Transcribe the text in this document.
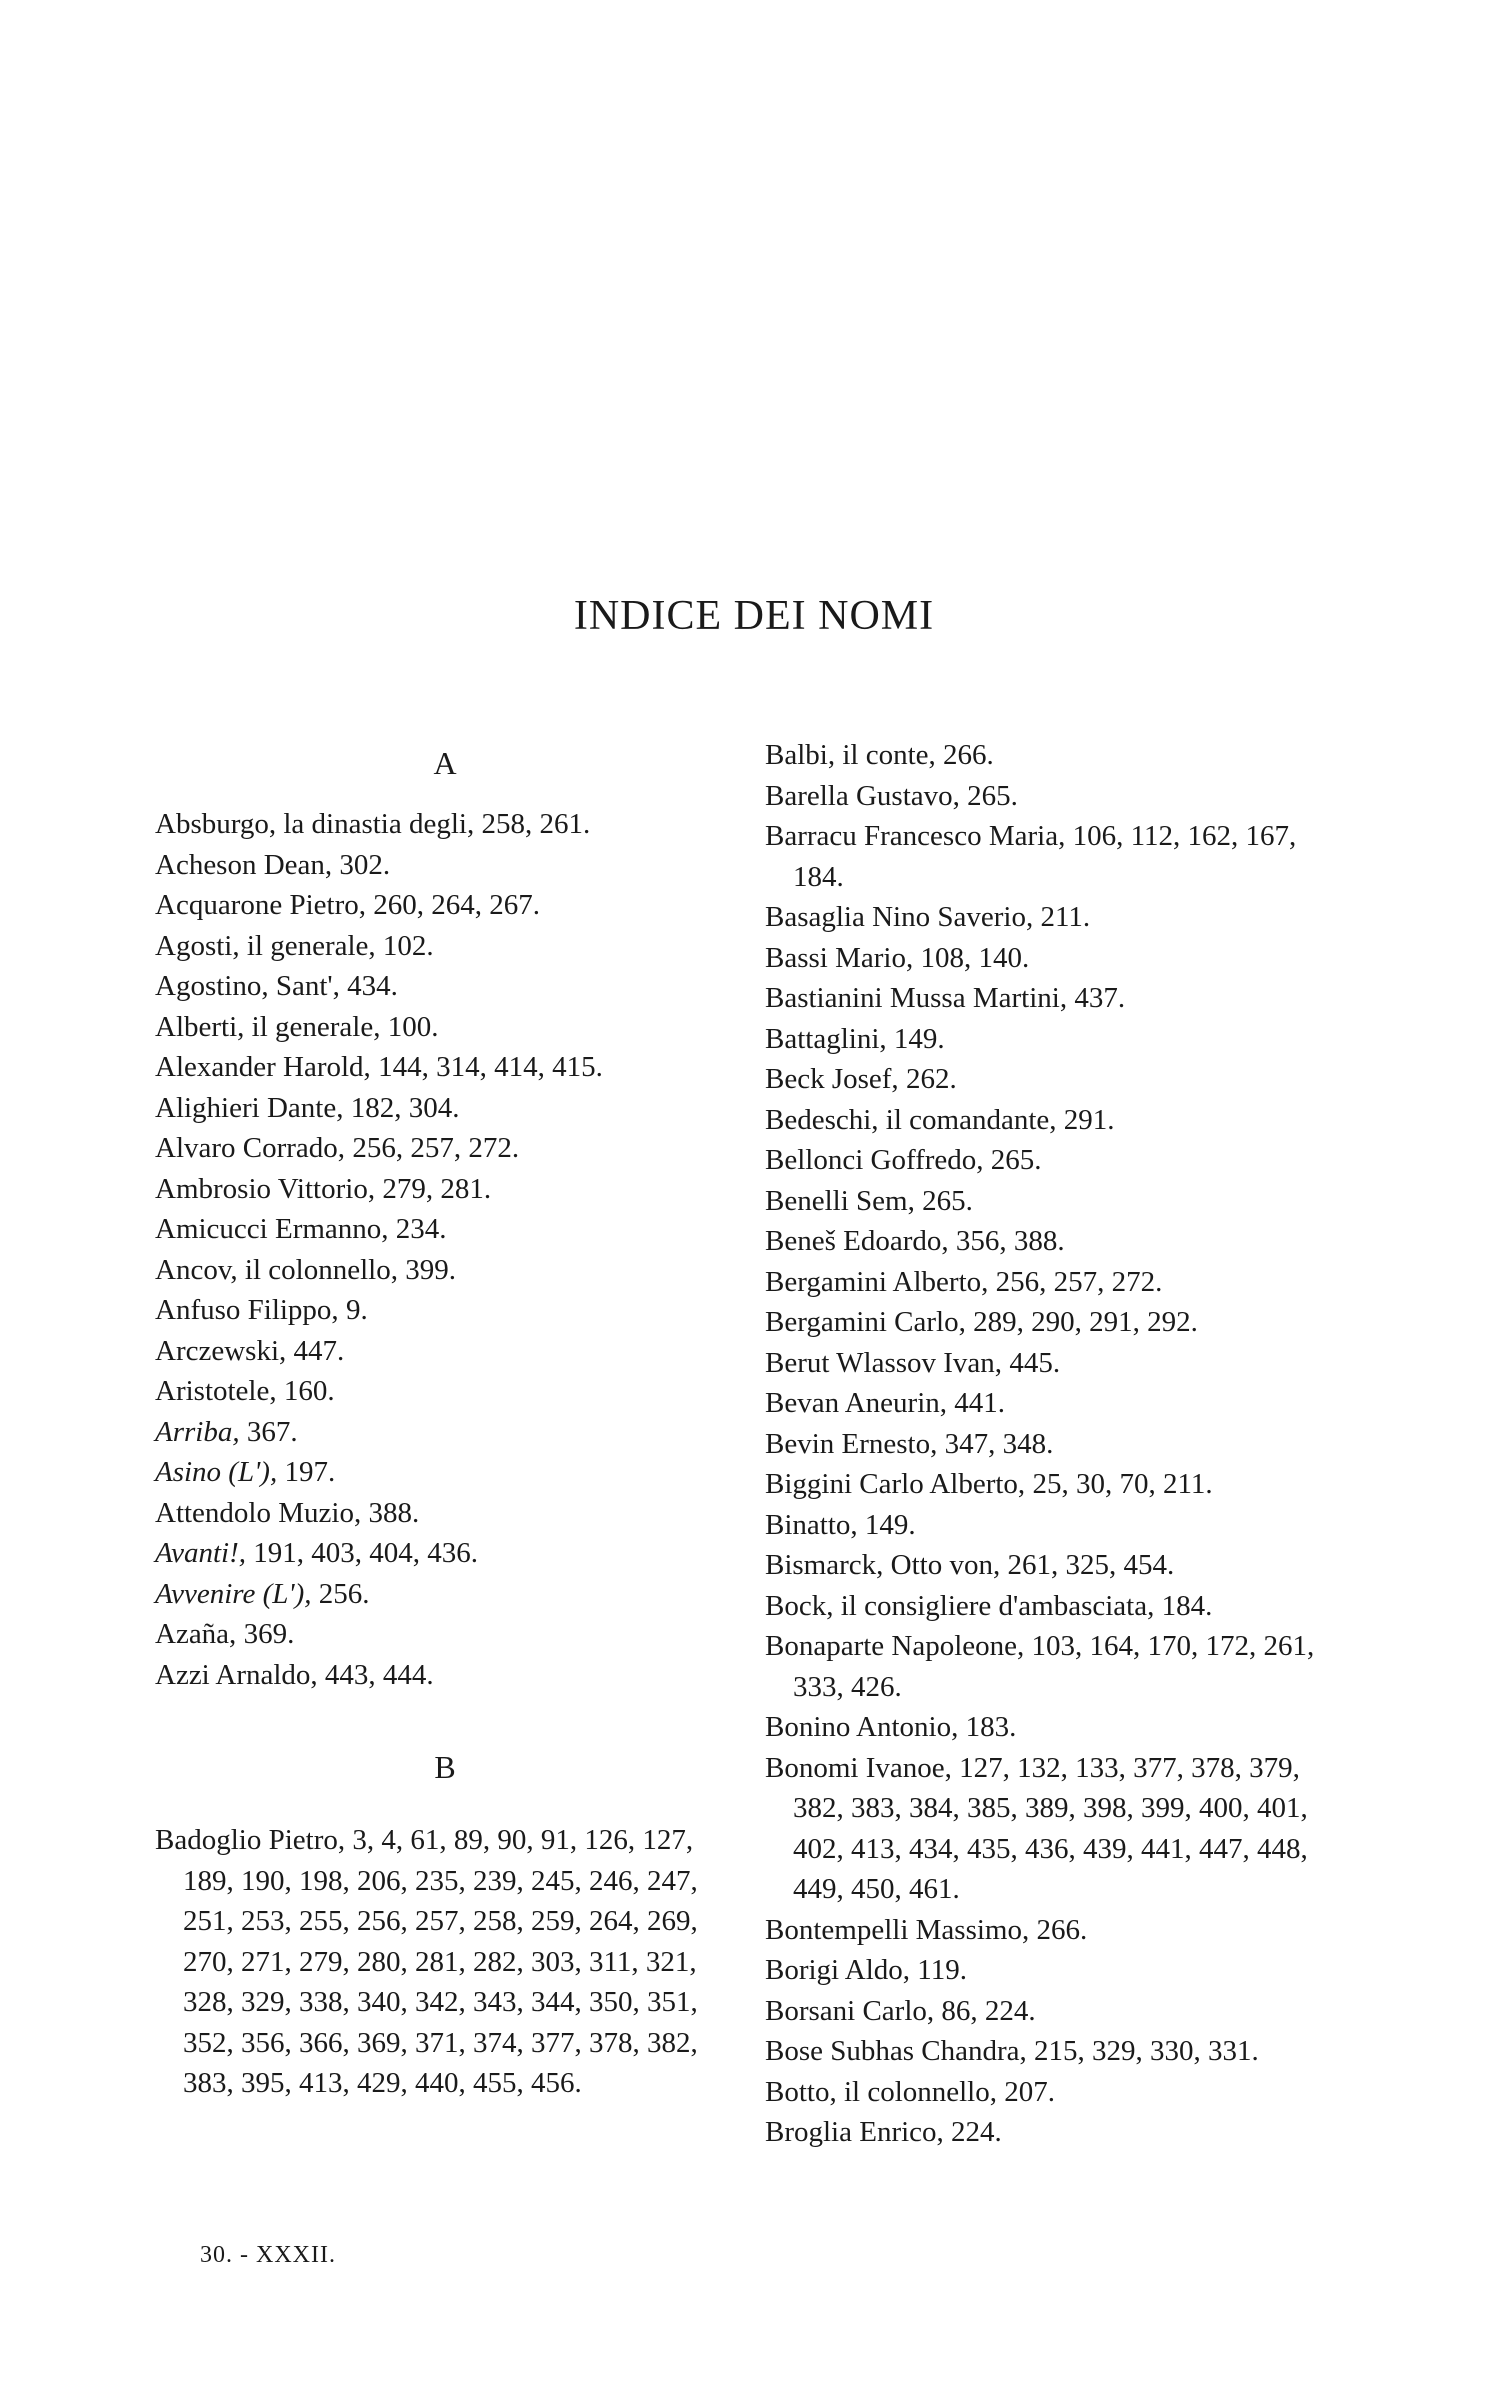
INDICE DEI NOMI
A
Absburgo, la dinastia degli, 258, 261.
Acheson Dean, 302.
Acquarone Pietro, 260, 264, 267.
Agosti, il generale, 102.
Agostino, Sant', 434.
Alberti, il generale, 100.
Alexander Harold, 144, 314, 414, 415.
Alighieri Dante, 182, 304.
Alvaro Corrado, 256, 257, 272.
Ambrosio Vittorio, 279, 281.
Amicucci Ermanno, 234.
Ancov, il colonnello, 399.
Anfuso Filippo, 9.
Arczewski, 447.
Aristotele, 160.
Arriba, 367.
Asino (L'), 197.
Attendolo Muzio, 388.
Avanti!, 191, 403, 404, 436.
Avvenire (L'), 256.
Azaña, 369.
Azzi Arnaldo, 443, 444.
B
Badoglio Pietro, 3, 4, 61, 89, 90, 91, 126, 127, 189, 190, 198, 206, 235, 239, 245, 246, 247, 251, 253, 255, 256, 257, 258, 259, 264, 269, 270, 271, 279, 280, 281, 282, 303, 311, 321, 328, 329, 338, 340, 342, 343, 344, 350, 351, 352, 356, 366, 369, 371, 374, 377, 378, 382, 383, 395, 413, 429, 440, 455, 456.
Balbi, il conte, 266.
Barella Gustavo, 265.
Barracu Francesco Maria, 106, 112, 162, 167, 184.
Basaglia Nino Saverio, 211.
Bassi Mario, 108, 140.
Bastianini Mussa Martini, 437.
Battaglini, 149.
Beck Josef, 262.
Bedeschi, il comandante, 291.
Bellonci Goffredo, 265.
Benelli Sem, 265.
Beneš Edoardo, 356, 388.
Bergamini Alberto, 256, 257, 272.
Bergamini Carlo, 289, 290, 291, 292.
Berut Wlassov Ivan, 445.
Bevan Aneurin, 441.
Bevin Ernesto, 347, 348.
Biggini Carlo Alberto, 25, 30, 70, 211.
Binatto, 149.
Bismarck, Otto von, 261, 325, 454.
Bock, il consigliere d'ambasciata, 184.
Bonaparte Napoleone, 103, 164, 170, 172, 261, 333, 426.
Bonino Antonio, 183.
Bonomi Ivanoe, 127, 132, 133, 377, 378, 379, 382, 383, 384, 385, 389, 398, 399, 400, 401, 402, 413, 434, 435, 436, 439, 441, 447, 448, 449, 450, 461.
Bontempelli Massimo, 266.
Borigi Aldo, 119.
Borsani Carlo, 86, 224.
Bose Subhas Chandra, 215, 329, 330, 331.
Botto, il colonnello, 207.
Broglia Enrico, 224.
30. - XXXII.
